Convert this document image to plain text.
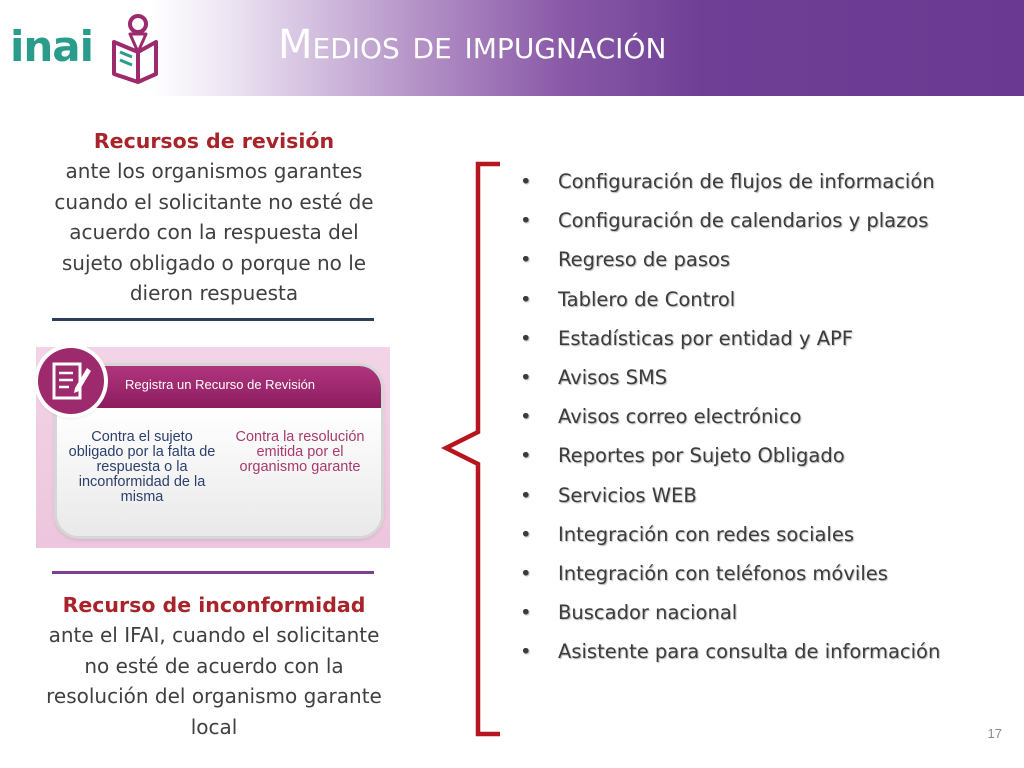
inai	Medios de impugnación
Recursos de revisión
ante los organismos garantes cuando el solicitante no esté de acuerdo con la respuesta del sujeto obligado o porque no le dieron respuesta
Registra un Recurso de Revisión
Contra el sujeto obligado por la falta de respuesta o la inconformidad de la misma
Contra la resolución emitida por el organismo garante
Recurso de inconformidad
ante el IFAI, cuando el solicitante no esté de acuerdo con la resolución del organismo garante local
• Configuración de flujos de información
• Configuración de calendarios y plazos
• Regreso de pasos
• Tablero de Control
• Estadísticas por entidad y APF
• Avisos SMS
• Avisos correo electrónico
• Reportes por Sujeto Obligado
• Servicios WEB
• Integración con redes sociales
• Integración con teléfonos móviles
• Buscador nacional
• Asistente para consulta de información
17
